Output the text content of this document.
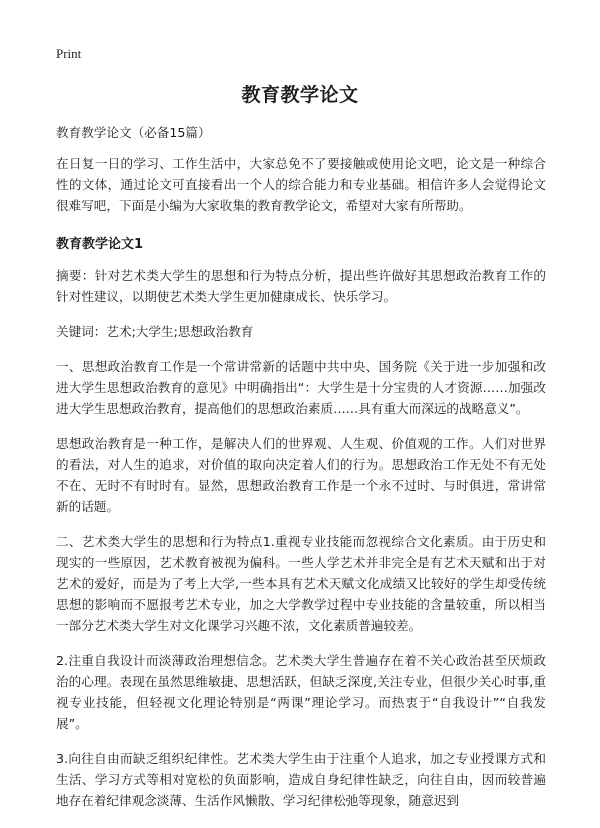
Print
教育教学论文

教育教学论文（必备15篇）

在日复一日的学习、工作生活中，大家总免不了要接触或使用论文吧，论文是一种综合性的文体，通过论文可直接看出一个人的综合能力和专业基础。相信许多人会觉得论文很难写吧，下面是小编为大家收集的教育教学论文，希望对大家有所帮助。

教育教学论文1

摘要：针对艺术类大学生的思想和行为特点分析，提出些许做好其思想政治教育工作的针对性建议，以期使艺术类大学生更加健康成长、快乐学习。

关键词：艺术;大学生;思想政治教育

一、思想政治教育工作是一个常讲常新的话题中共中央、国务院《关于进一步加强和改进大学生思想政治教育的意见》中明确指出“：大学生是十分宝贵的人才资源……加强改进大学生思想政治教育，提高他们的思想政治素质……具有重大而深远的战略意义”。

思想政治教育是一种工作，是解决人们的世界观、人生观、价值观的工作。人们对世界的看法，对人生的追求，对价值的取向决定着人们的行为。思想政治工作无处不有无处不在、无时不有时时有。显然，思想政治教育工作是一个永不过时、与时俱进，常讲常新的话题。

二、艺术类大学生的思想和行为特点1.重视专业技能而忽视综合文化素质。由于历史和现实的一些原因，艺术教育被视为偏科。一些人学艺术并非完全是有艺术天赋和出于对艺术的爱好，而是为了考上大学,一些本具有艺术天赋文化成绩又比较好的学生却受传统思想的影响而不愿报考艺术专业，加之大学教学过程中专业技能的含量较重，所以相当一部分艺术类大学生对文化课学习兴趣不浓，文化素质普遍较差。

2.注重自我设计而淡薄政治理想信念。艺术类大学生普遍存在着不关心政治甚至厌烦政治的心理。表现在虽然思维敏捷、思想活跃，但缺乏深度,关注专业，但很少关心时事,重视专业技能，但轻视文化理论特别是“两课”理论学习。而热衷于“自我设计”“自我发展”。

3.向往自由而缺乏组织纪律性。艺术类大学生由于注重个人追求，加之专业授课方式和生活、学习方式等相对宽松的负面影响，造成自身纪律性缺乏，向往自由，因而较普遍地存在着纪律观念淡薄、生活作风懒散、学习纪律松弛等现象，随意迟到
